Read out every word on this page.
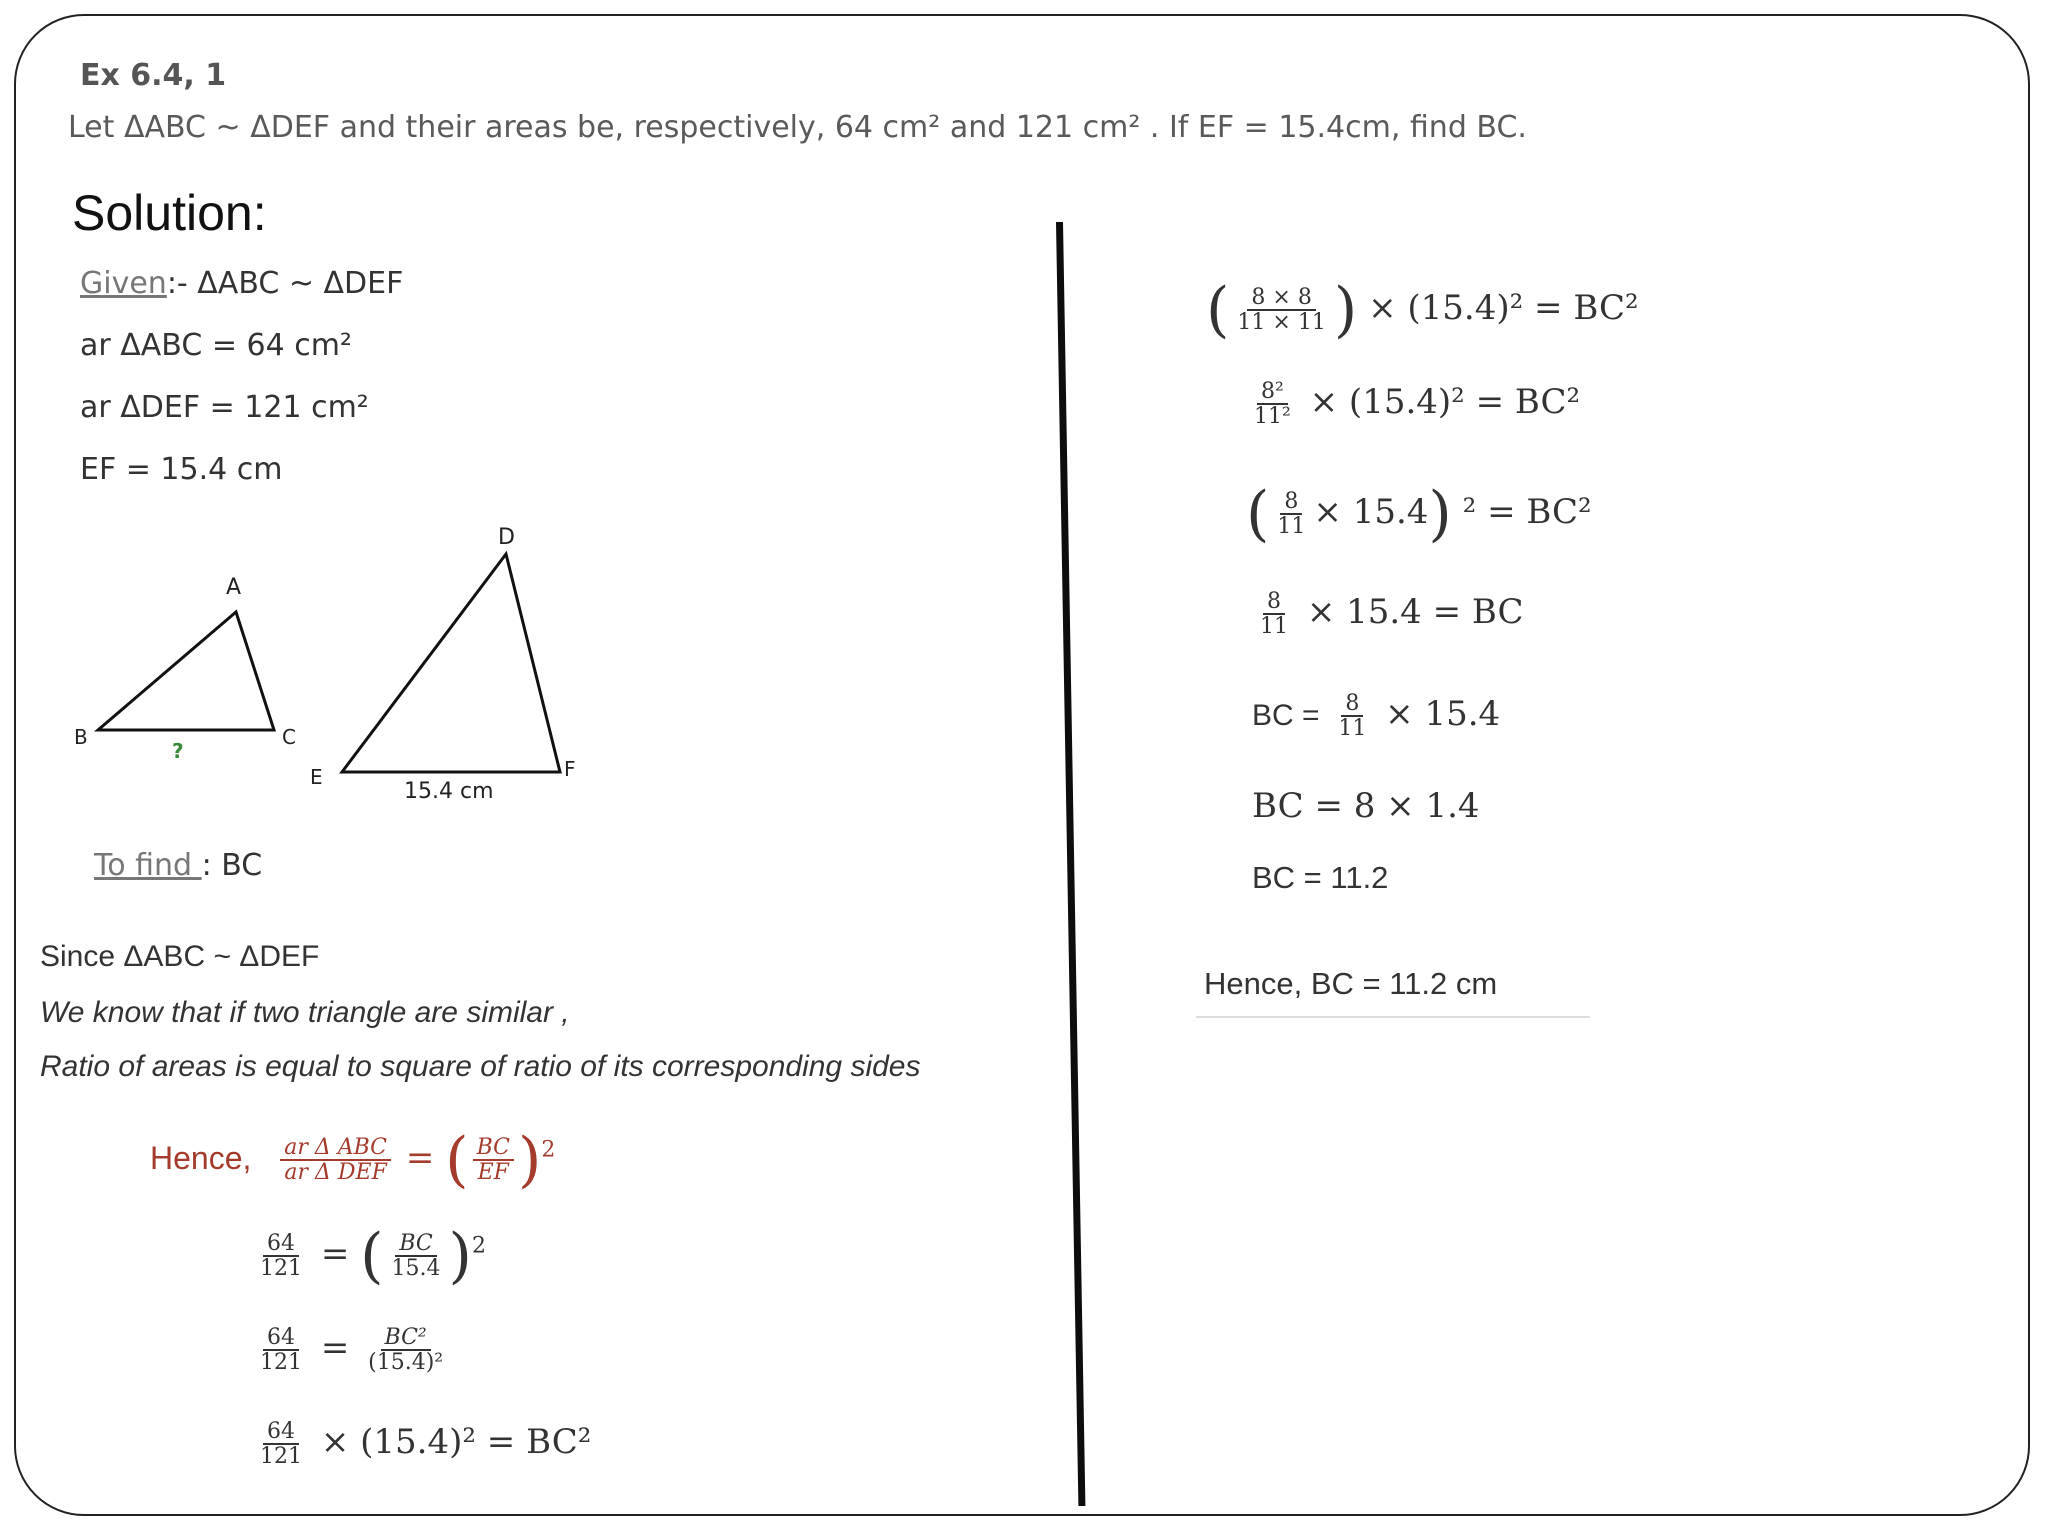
Ex 6.4, 1
Let ΔABC ~ ΔDEF and their areas be, respectively, 64 cm² and 121 cm² . If EF = 15.4cm, find BC.
Solution:
Given:- ΔABC ~ ΔDEF
ar ΔABC = 64 cm²
ar ΔDEF = 121 cm²
EF = 15.4 cm
A
B	C
?
D
E	F
15.4 cm
To find : BC
Since ΔABC ~ ΔDEF
We know that if two triangle are similar ,
Ratio of areas is equal to square of ratio of its corresponding sides
Hence, $\frac{\text{ar Δ ABC}}{\text{ar Δ DEF}}$ = ( $\frac{BC}{EF} )^2$
$\frac{64}{121}$ = ( $\frac{BC}{15.4} )^2$
$\frac{64}{121} = \frac{\text{BC²}}{\text{(15.4)²}}$
$\frac{64}{121} \times (15.4)^2 = BC^2$
( $\frac{8 \times 8}{11 \times 11}$ ) × (15.4)² = BC²
$\frac{\text{8²}}{\text{11²}} \times (15.4)^2 = BC^2$
( $\frac{8}{11} \times 15.4$) ² = BC²
$\frac{8}{11} \times 15.4$ = BC
BC = $\frac{8}{11} \times 15.4$
BC = 8 × 1.4
BC = 11.2
Hence, BC = 11.2 cm
